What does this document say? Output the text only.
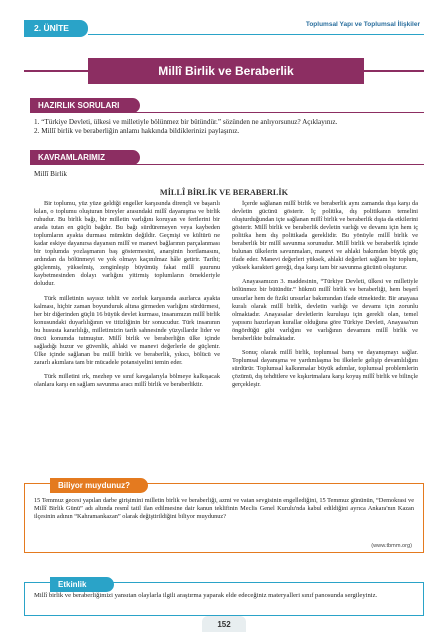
2. ÜNİTE	Toplumsal Yapı ve Toplumsal İlişkiler
Millî Birlik ve Beraberlik
HAZIRLIK SORULARI
1. “Türkiye Devleti, ülkesi ve milletiyle bölünmez bir bütündür.” sözünden ne anlıyorsunuz? Açıklayınız.
2. Millî birlik ve beraberliğin anlamı hakkında bildiklerinizi paylaşınız.
KAVRAMLARIMIZ
Millî Birlik
MİLLÎ BİRLİK VE BERABERLİK

Bir toplumu, yüz yüze geldiği engeller karşısında dirençli ve başarılı kılan, o toplumu oluşturan bireyler arasındaki millî dayanışma ve birlik ruhudur. Bu birlik bağı, bir milletin varlığını koruyan ve fertlerini bir arada tutan en güçlü bağdır. Bu bağı sürdüremeyen veya kaybeden toplumların ayakta durması mümkün değildir. Geçmişi ve kültürü ne kadar eskiye dayanırsa dayansın millî ve manevi bağlarının parçalanması bir toplumda yozlaşmanın baş göstermesini, anarşinin hortlamasını, ardından da bölünmeyi ve yok olmayı kaçınılmaz hâle getirir. Tarihi; güçlenmiş, yükselmiş, zenginleşip büyümüş fakat millî şuurunu kaybetmesinden dolayı varlığını yitirmiş toplumların örnekleriyle doludur.

Türk milletinin sayısız tehlit ve zorluk karşısında asırlarca ayakta kalması, hiçbir zaman boyunduruk altına girmeden varlığını sürdürmesi, her bir diğerinden güçlü 16 büyük devlet kurması, insanımızın millî birlik konusundaki duyarlılığının ve titizliğinin bir sonucudur. Türk insanının bu hususta kararlılığı, milletimizin tarih sahnesinde yüzyıllardır lider ve öncü konumda tutmuştur. Millî birlik ve beraberliğin ülke içinde sağladığı huzur ve güvenlik, ahlaki ve manevi değerlerle de güçlenir. Ülke içinde sağlanan bu millî birlik ve beraberlik, yıkıcı, bölücü ve zararlı akımlara tam bir mücadele potansiyelini temin eder.

Türk milletini ırk, mezhep ve sınıf kavgalarıyla bölmeye kalkışacak olanlara karşı en sağlam savunma aracı millî birlik ve beraberliktir.

İçerde sağlanan millî birlik ve beraberlik aynı zamanda dışa karşı da devletin gücünü gösterir. İç politika, dış politikanın temelini oluşturduğundan içte sağlanan millî birlik ve beraberlik dışta da etkilerini gösterir. Millî birlik ve beraberlik devletin varlığı ve devamı için hem iç politika hem dış politikada gereklidir. Bu yönüyle millî birlik ve beraberlik bir millî savunma sorunudur. Millî birlik ve beraberlik içinde bulunan ülkelerin savunmaları, manevi ve ahlaki bakımdan büyük güç ifade eder. Manevi değerleri yüksek, ahlaki değerleri sağlam bir toplum, yüksek karakteri gereği, dışa karşı tam bir savunma gücünü oluşturur.

Anayasamızın 3. maddesinin, “Türkiye Devleti, ülkesi ve milletiyle bölünmez bir bütündür.” hükmü millî birlik ve beraberliği, hem beşerî unsurlar hem de fiziki unsurlar bakımından ifade etmektedir. Bir anayasa kuralı olarak millî birlik, devletin varlığı ve devamı için zorunlu olmaktadır. Anayasalar devletlerin kuruluşu için gerekli olan, temel yapısını hazırlayan kurallar olduğuna göre Türkiye Devleti, Anayasa'nın öngördüğü gibi varlığını ve varlığının devamını millî birlik ve beraberlikte bulmaktadır.

Sonuç olarak millî birlik, toplumsal barış ve dayanışmayı sağlar. Toplumsal dayanışma ve yardımlaşma bu ilkelerle gelişip devamlılığını sürdürür. Toplumsal kalkınmalar büyük adımlar, toplumsal problemlerin çözümü, dış tehditlere ve kışkırtmalara karşı koyuş millî birlik ve bilinçle gerçekleşir.

Biliyor muydunuz?
15 Temmuz gecesi yapılan darbe girişimini milletin birlik ve beraberliği, azmi ve vatan sevgisinin engellediğini, 15 Temmuz gününün, “Demokrasi ve Millî Birlik Günü” adı altında resmî tatil ilan edilmesine dair kanun teklifinin Meclis Genel Kurulu'nda kabul edildiğini ayrıca Ankara'nın Kazan ilçesinin adının “Kahramankazan” olarak değiştirildiğini biliyor muydunuz?
(www.tbmm.org)
Etkinlik
Millî birlik ve beraberliğimizi yansıtan olaylarla ilgili araştırma yaparak elde edeceğiniz materyalleri sınıf panosunda sergileyiniz.
152
